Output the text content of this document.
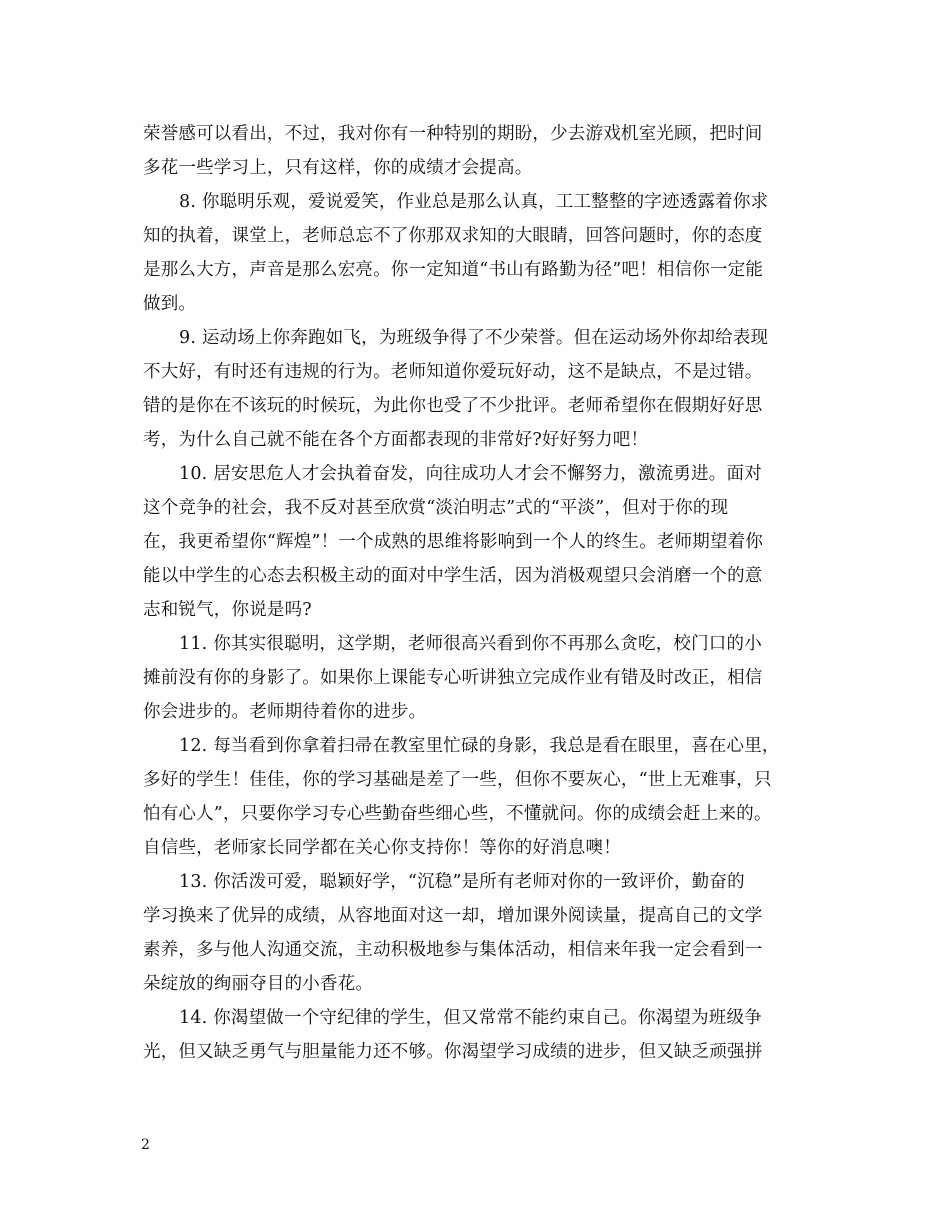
荣誉感可以看出，不过，我对你有一种特别的期盼，少去游戏机室光顾，把时间
多花一些学习上，只有这样，你的成绩才会提高。
8. 你聪明乐观，爱说爱笑，作业总是那么认真，工工整整的字迹透露着你求
知的执着，课堂上，老师总忘不了你那双求知的大眼睛，回答问题时，你的态度
是那么大方，声音是那么宏亮。你一定知道“书山有路勤为径”吧！相信你一定能
做到。
9. 运动场上你奔跑如飞，为班级争得了不少荣誉。但在运动场外你却给表现
不大好，有时还有违规的行为。老师知道你爱玩好动，这不是缺点，不是过错。
错的是你在不该玩的时候玩，为此你也受了不少批评。老师希望你在假期好好思
考，为什么自己就不能在各个方面都表现的非常好?好好努力吧！
10. 居安思危人才会执着奋发，向往成功人才会不懈努力，激流勇进。面对
这个竞争的社会，我不反对甚至欣赏“淡泊明志”式的“平淡”，但对于你的现
在，我更希望你“辉煌”！一个成熟的思维将影响到一个人的终生。老师期望着你
能以中学生的心态去积极主动的面对中学生活，因为消极观望只会消磨一个的意
志和锐气，你说是吗?
11. 你其实很聪明，这学期，老师很高兴看到你不再那么贪吃，校门口的小
摊前没有你的身影了。如果你上课能专心听讲独立完成作业有错及时改正，相信
你会进步的。老师期待着你的进步。
12. 每当看到你拿着扫帚在教室里忙碌的身影，我总是看在眼里，喜在心里，
多好的学生！佳佳，你的学习基础是差了一些，但你不要灰心，“世上无难事，只
怕有心人”，只要你学习专心些勤奋些细心些，不懂就问。你的成绩会赶上来的。
自信些，老师家长同学都在关心你支持你！等你的好消息噢！
13. 你活泼可爱，聪颖好学，“沉稳”是所有老师对你的一致评价，勤奋的
学习换来了优异的成绩，从容地面对这一却，增加课外阅读量，提高自己的文学
素养，多与他人沟通交流，主动积极地参与集体活动，相信来年我一定会看到一
朵绽放的绚丽夺目的小香花。
14. 你渴望做一个守纪律的学生，但又常常不能约束自己。你渴望为班级争
光，但又缺乏勇气与胆量能力还不够。你渴望学习成绩的进步，但又缺乏顽强拼
2
